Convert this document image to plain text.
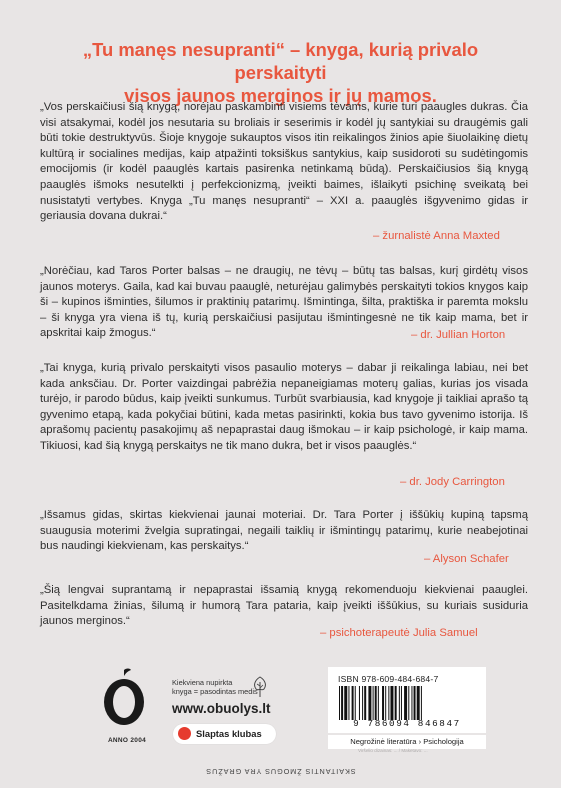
„Tu manęs nesupranti“ – knyga, kurią privalo perskaityti
visos jaunos merginos ir jų mamos.
„Vos perskaičiusi šią knygą, norėjau paskambinti visiems tėvams, kurie turi paaugles dukras. Čia visi atsakymai, kodėl jos nesutaria su broliais ir seserimis ir kodėl jų santykiai su draugėmis gali būti tokie destruktyvūs. Šioje knygoje sukauptos visos itin reikalingos žinios apie šiuolaikinę dietų kultūrą ir socialines medijas, kaip atpažinti toksiškus santykius, kaip susidoroti su sudėtingomis emocijomis (ir kodėl paauglės kartais pasirenka netinkamą būdą). Perskaičiusios šią knygą paauglės išmoks nesutelkti į perfekcionizmą, įveikti baimes, išlaikyti psichinę sveikatą bei nusistatyti vertybes. Knyga „Tu manęs nesupranti“ – XXI a. paauglės išgyvenimo gidas ir geriausia dovana dukrai.“
– žurnalistė Anna Maxted
„Norėčiau, kad Taros Porter balsas – ne draugių, ne tėvų – būtų tas balsas, kurį girdėtų visos jaunos moterys. Gaila, kad kai buvau paauglė, neturėjau galimybės perskaityti tokios knygos kaip ši – kupinos išminties, šilumos ir praktinių patarimų. Išmintinga, šilta, praktiška ir paremta mokslu – ši knyga yra viena iš tų, kurią perskaičiusi pasijutau išmintingesnė ne tik kaip mama, bet ir apskritai kaip žmogus.“	– dr. Jullian Horton
„Tai knyga, kurią privalo perskaityti visos pasaulio moterys – dabar ji reikalinga labiau, nei bet kada anksčiau. Dr. Porter vaizdingai pabrėžia nepaneigiamas moterų galias, kurias jos visada turėjo, ir parodo būdus, kaip įveikti sunkumus. Turbūt svarbiausia, kad knygoje ji taikliai aprašo tą gyvenimo etapą, kada pokyčiai būtini, kada metas pasirinkti, kokia bus tavo gyvenimo istorija. Iš aprašomų pacientų pasakojimų aš nepaprastai daug išmokau – ir kaip psichologė, ir kaip mama. Tikiuosi, kad šią knygą perskaitys ne tik mano dukra, bet ir visos paauglės.“
– dr. Jody Carrington
„Išsamus gidas, skirtas kiekvienai jaunai moteriai. Dr. Tara Porter į iššūkių kupiną tapsmą suaugusia moterimi žvelgia supratingai, negaili taiklių ir išmintingų patarimų, kurie neabejotinai bus naudingi kiekvienam, kas perskaitys.“
– Alyson Schafer
„Šią lengvai suprantamą ir nepaprastai išsamią knygą rekomenduoju kiekvienai paauglei. Pasitelkdama žinias, šilumą ir humorą Tara pataria, kaip įveikti iššūkius, su kuriais susiduria jaunos merginos.“
– psichoterapeutė Julia Samuel
ANNO 2004
Kiekviena nupirkta
knyga = pasodintas medis
www.obuolys.lt
Slaptas klubas
ISBN 978-609-484-684-7
9 786094 846847
Negrožinė literatūra › Psichologija
Viršelio dizainas: ... / Maketavo: ...
SKAITANTIS ŽMOGUS YRA GRAŽUS
